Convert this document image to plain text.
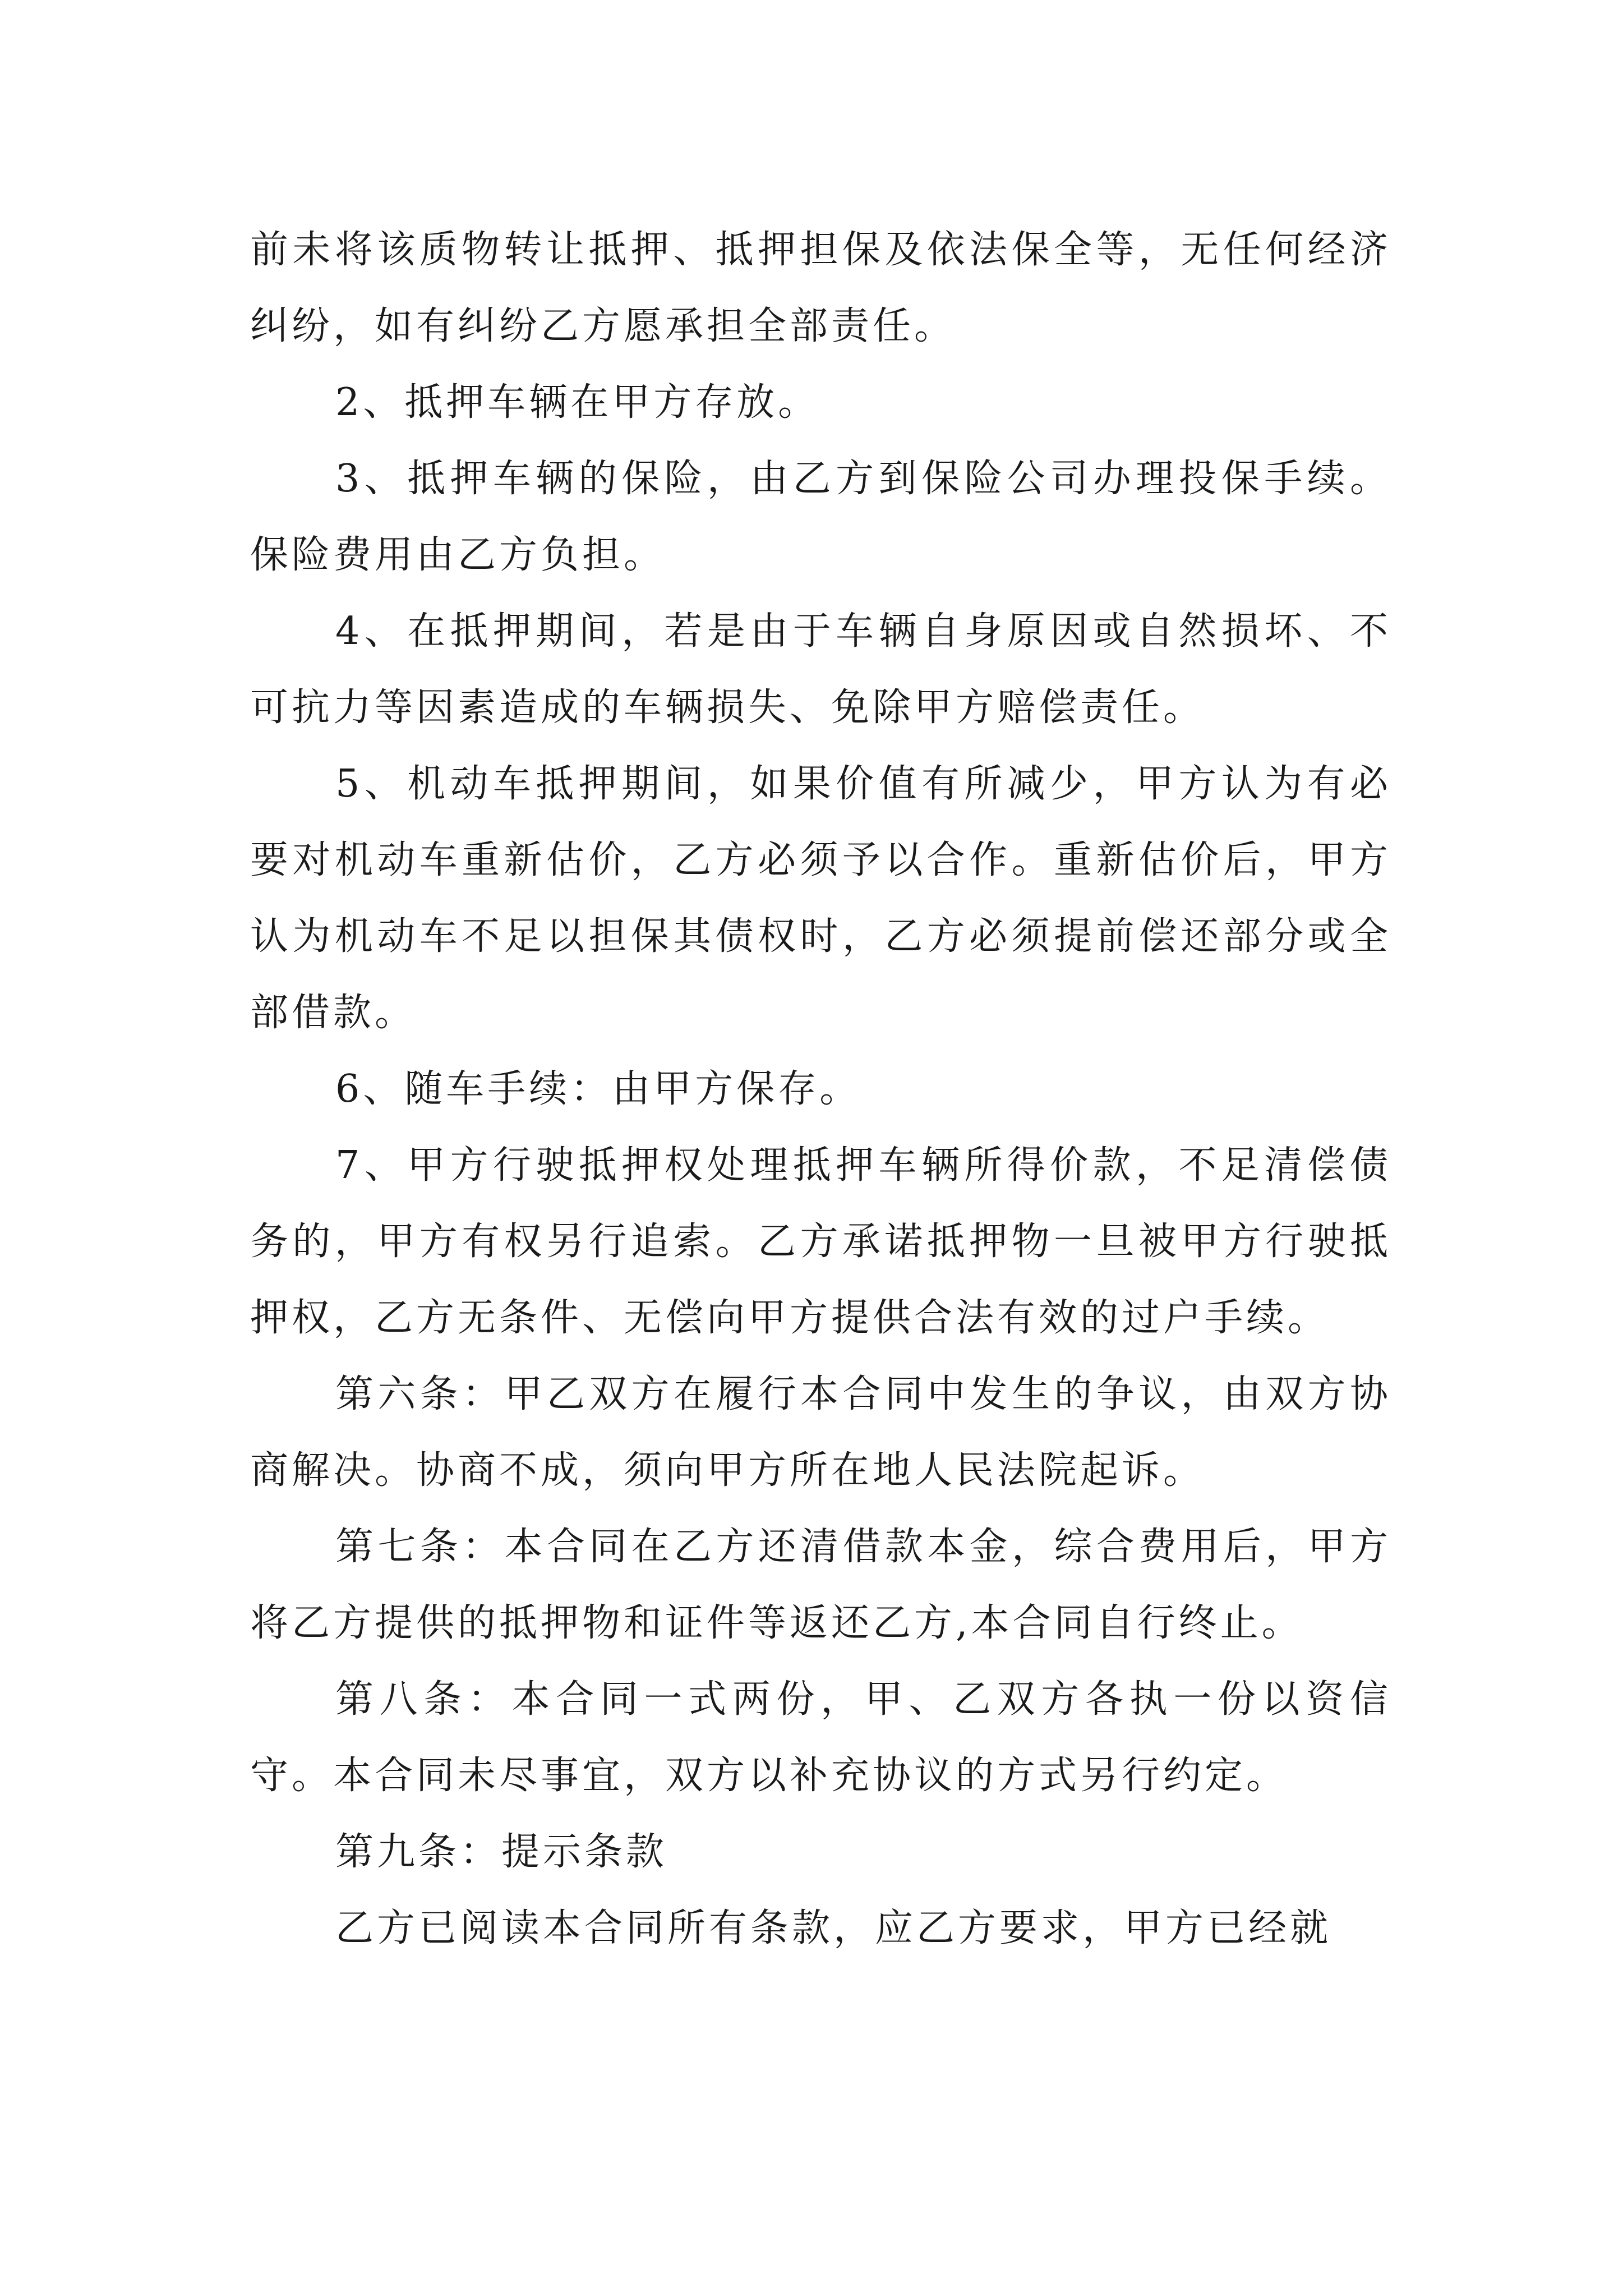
前未将该质物转让抵押、抵押担保及依法保全等，无任何经济纠纷，如有纠纷乙方愿承担全部责任。

2、抵押车辆在甲方存放。

3、抵押车辆的保险，由乙方到保险公司办理投保手续。保险费用由乙方负担。

4、在抵押期间，若是由于车辆自身原因或自然损坏、不可抗力等因素造成的车辆损失、免除甲方赔偿责任。

5、机动车抵押期间，如果价值有所减少，甲方认为有必要对机动车重新估价，乙方必须予以合作。重新估价后，甲方认为机动车不足以担保其债权时，乙方必须提前偿还部分或全部借款。

6、随车手续：由甲方保存。

7、甲方行驶抵押权处理抵押车辆所得价款，不足清偿债务的，甲方有权另行追索。乙方承诺抵押物一旦被甲方行驶抵押权，乙方无条件、无偿向甲方提供合法有效的过户手续。

第六条：甲乙双方在履行本合同中发生的争议，由双方协商解决。协商不成，须向甲方所在地人民法院起诉。

第七条：本合同在乙方还清借款本金，综合费用后，甲方将乙方提供的抵押物和证件等返还乙方,本合同自行终止。

第八条：本合同一式两份，甲、乙双方各执一份以资信守。本合同未尽事宜，双方以补充协议的方式另行约定。

第九条：提示条款

乙方已阅读本合同所有条款，应乙方要求，甲方已经就
